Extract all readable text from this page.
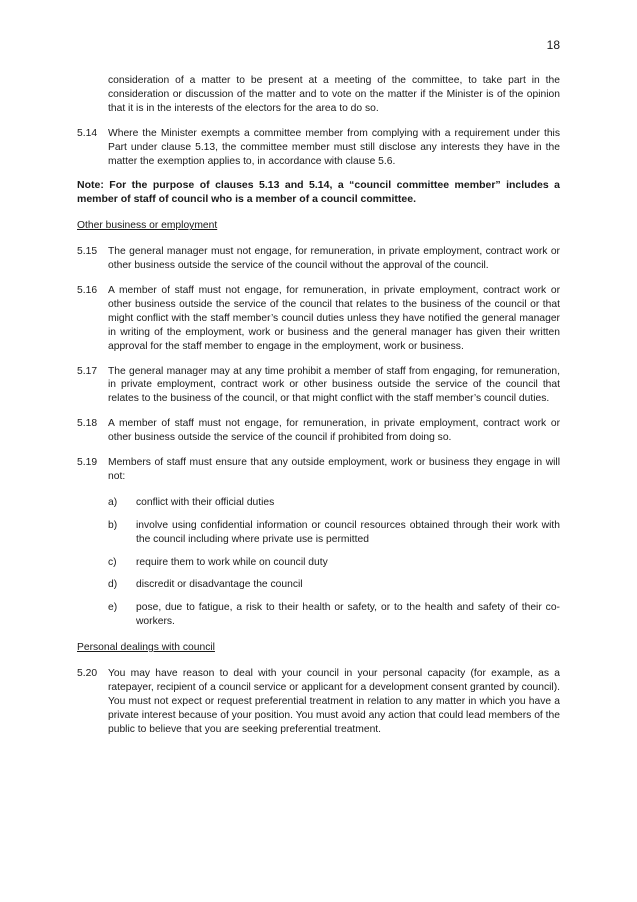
18

consideration of a matter to be present at a meeting of the committee, to take part in the consideration or discussion of the matter and to vote on the matter if the Minister is of the opinion that it is in the interests of the electors for the area to do so.

5.14	Where the Minister exempts a committee member from complying with a requirement under this Part under clause 5.13, the committee member must still disclose any interests they have in the matter the exemption applies to, in accordance with clause 5.6.

Note: For the purpose of clauses 5.13 and 5.14, a “council committee member” includes a member of staff of council who is a member of a council committee.

Other business or employment

5.15	The general manager must not engage, for remuneration, in private employment, contract work or other business outside the service of the council without the approval of the council.
5.16	A member of staff must not engage, for remuneration, in private employment, contract work or other business outside the service of the council that relates to the business of the council or that might conflict with the staff member’s council duties unless they have notified the general manager in writing of the employment, work or business and the general manager has given their written approval for the staff member to engage in the employment, work or business.
5.17	The general manager may at any time prohibit a member of staff from engaging, for remuneration, in private employment, contract work or other business outside the service of the council that relates to the business of the council, or that might conflict with the staff member’s council duties.
5.18	A member of staff must not engage, for remuneration, in private employment, contract work or other business outside the service of the council if prohibited from doing so.
5.19	Members of staff must ensure that any outside employment, work or business they engage in will not:
a)	conflict with their official duties
b)	involve using confidential information or council resources obtained through their work with the council including where private use is permitted
c)	require them to work while on council duty
d)	discredit or disadvantage the council
e)	pose, due to fatigue, a risk to their health or safety, or to the health and safety of their co-workers.

Personal dealings with council

5.20	You may have reason to deal with your council in your personal capacity (for example, as a ratepayer, recipient of a council service or applicant for a development consent granted by council). You must not expect or request preferential treatment in relation to any matter in which you have a private interest because of your position. You must avoid any action that could lead members of the public to believe that you are seeking preferential treatment.
